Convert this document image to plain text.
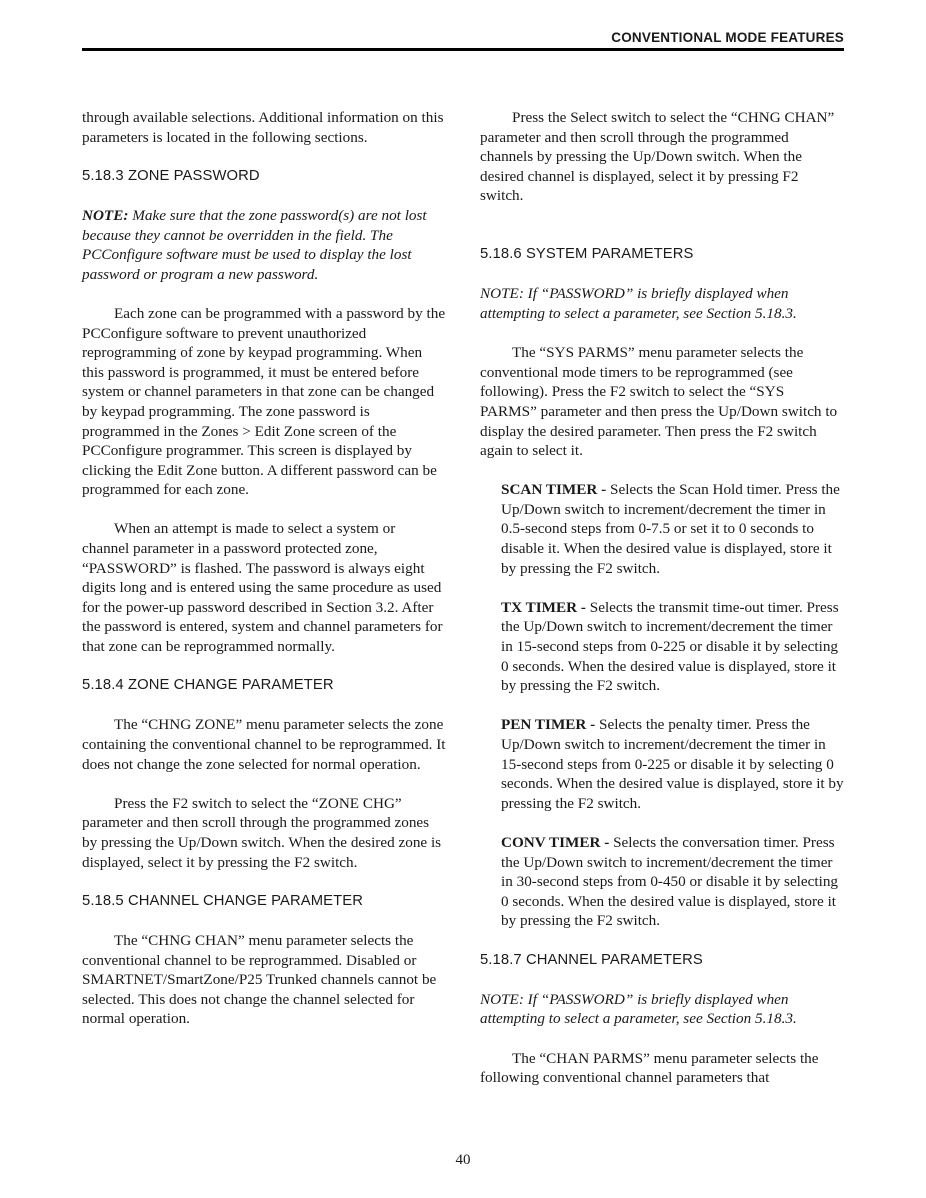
CONVENTIONAL MODE FEATURES

through available selections. Additional information on this parameters is located in the following sections.

5.18.3 ZONE PASSWORD

NOTE: Make sure that the zone password(s) are not lost because they cannot be overridden in the field. The PCConfigure software must be used to display the lost password or program a new password.

Each zone can be programmed with a password by the PCConfigure software to prevent unauthorized reprogramming of zone by keypad programming. When this password is programmed, it must be entered before system or channel parameters in that zone can be changed by keypad programming. The zone password is programmed in the Zones > Edit Zone screen of the PCConfigure programmer. This screen is displayed by clicking the Edit Zone button. A different password can be programmed for each zone.

When an attempt is made to select a system or channel parameter in a password protected zone, “PASSWORD” is flashed. The password is always eight digits long and is entered using the same procedure as used for the power-up password described in Section 3.2. After the password is entered, system and channel parameters for that zone can be reprogrammed normally.

5.18.4 ZONE CHANGE PARAMETER

The “CHNG ZONE” menu parameter selects the zone containing the conventional channel to be reprogrammed. It does not change the zone selected for normal operation.

Press the F2 switch to select the “ZONE CHG” parameter and then scroll through the programmed zones by pressing the Up/Down switch. When the desired zone is displayed, select it by pressing the F2 switch.

5.18.5 CHANNEL CHANGE PARAMETER

The “CHNG CHAN” menu parameter selects the conventional channel to be reprogrammed. Disabled or SMARTNET/SmartZone/P25 Trunked channels cannot be selected. This does not change the channel selected for normal operation.

Press the Select switch to select the “CHNG CHAN” parameter and then scroll through the programmed channels by pressing the Up/Down switch. When the desired channel is displayed, select it by pressing F2 switch.

5.18.6 SYSTEM PARAMETERS

NOTE: If “PASSWORD” is briefly displayed when attempting to select a parameter, see Section 5.18.3.

The “SYS PARMS” menu parameter selects the conventional mode timers to be reprogrammed (see following). Press the F2 switch to select the “SYS PARMS” parameter and then press the Up/Down switch to display the desired parameter. Then press the F2 switch again to select it.

SCAN TIMER - Selects the Scan Hold timer. Press the Up/Down switch to increment/decrement the timer in 0.5-second steps from 0-7.5 or set it to 0 seconds to disable it. When the desired value is displayed, store it by pressing the F2 switch.

TX TIMER - Selects the transmit time-out timer. Press the Up/Down switch to increment/decrement the timer in 15-second steps from 0-225 or disable it by selecting 0 seconds. When the desired value is displayed, store it by pressing the F2 switch.

PEN TIMER - Selects the penalty timer. Press the Up/Down switch to increment/decrement the timer in 15-second steps from 0-225 or disable it by selecting 0 seconds. When the desired value is displayed, store it by pressing the F2 switch.

CONV TIMER - Selects the conversation timer. Press the Up/Down switch to increment/decrement the timer in 30-second steps from 0-450 or disable it by selecting 0 seconds. When the desired value is displayed, store it by pressing the F2 switch.

5.18.7 CHANNEL PARAMETERS

NOTE: If “PASSWORD” is briefly displayed when attempting to select a parameter, see Section 5.18.3.

The “CHAN PARMS” menu parameter selects the following conventional channel parameters that

40
